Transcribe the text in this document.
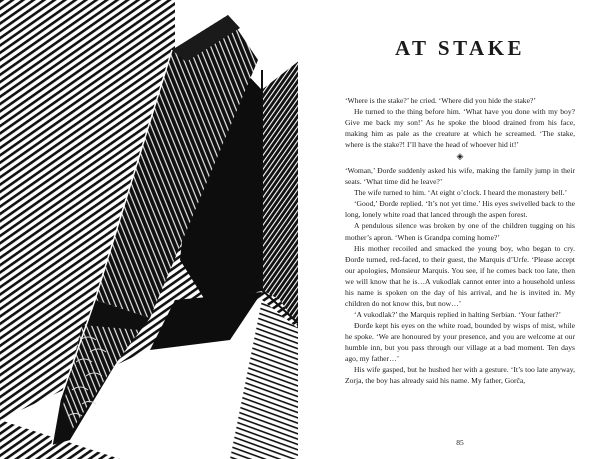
AT STAKE

‘Where is the stake?’ he cried. ‘Where did you hide the stake?’

He turned to the thing before him. ‘What have you done with my boy? Give me back my son!’ As he spoke the blood drained from his face, making him as pale as the creature at which he screamed. ‘The stake, where is the stake?! I’ll have the head of whoever hid it!’

◈

‘Woman,’ Đorđe suddenly asked his wife, making the family jump in their seats. ‘What time did he leave?’

The wife turned to him. ‘At eight o’clock. I heard the monastery bell.’

‘Good,’ Đorđe replied. ‘It’s not yet time.’ His eyes swivelled back to the long, lonely white road that lanced through the aspen forest.

A pendulous silence was broken by one of the children tugging on his mother’s apron. ‘When is Grandpa coming home?’

His mother recoiled and smacked the young boy, who began to cry. Đorđe turned, red-faced, to their guest, the Marquis d’Urfe. ‘Please accept our apologies, Monsieur Marquis. You see, if he comes back too late, then we will know that he is…A vukodlak cannot enter into a household unless his name is spoken on the day of his arrival, and he is invited in. My children do not know this, but now…’

‘A vukodlak?’ the Marquis replied in halting Serbian. ‘Your father?’

Đorđe kept his eyes on the white road, bounded by wisps of mist, while he spoke. ‘We are honoured by your presence, and you are welcome at our humble inn, but you pass through our village at a bad moment. Ten days ago, my father…’

His wife gasped, but he hushed her with a gesture. ‘It’s too late anyway, Zorja, the boy has already said his name. My father, Gorča,

85
